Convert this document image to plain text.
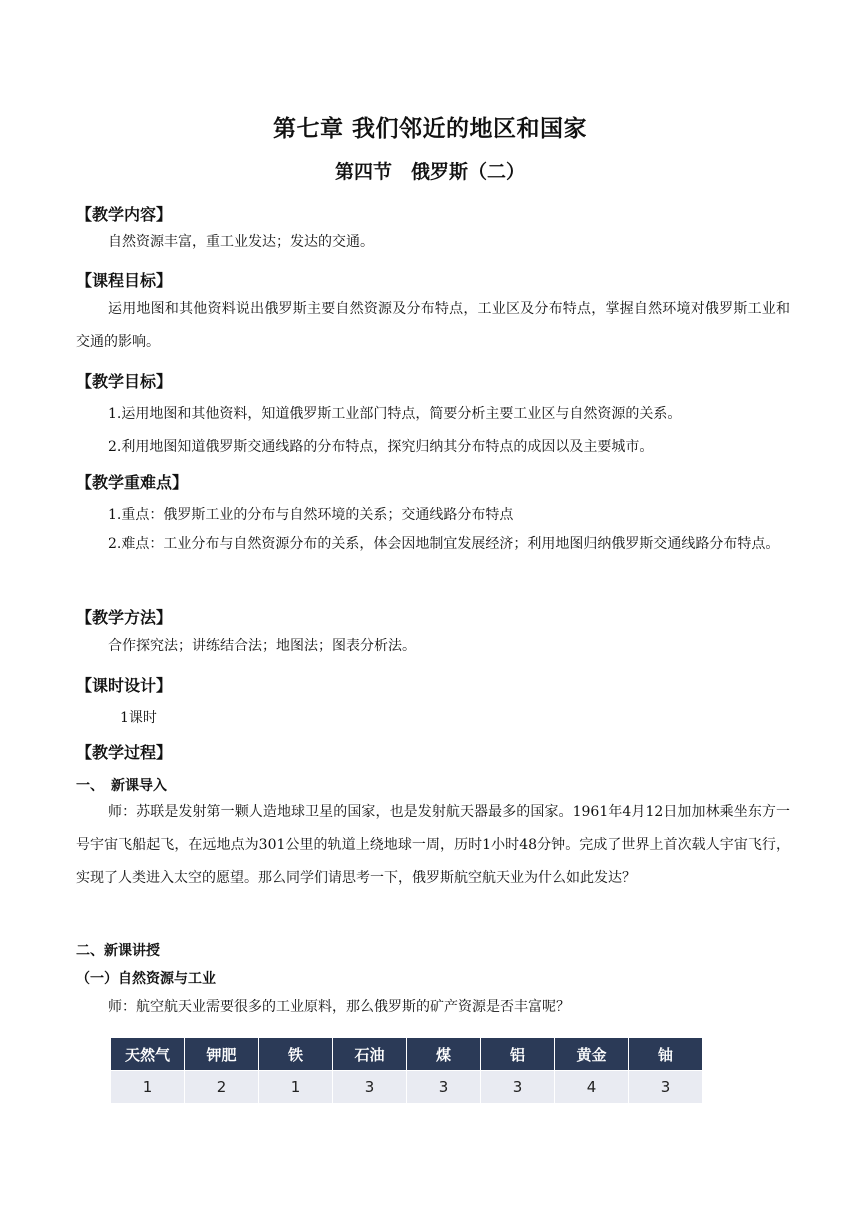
第七章 我们邻近的地区和国家
第四节　俄罗斯（二）
【教学内容】
自然资源丰富，重工业发达；发达的交通。
【课程目标】
运用地图和其他资料说出俄罗斯主要自然资源及分布特点，工业区及分布特点，掌握自然环境对俄罗斯工业和交通的影响。
【教学目标】
1.运用地图和其他资料，知道俄罗斯工业部门特点，简要分析主要工业区与自然资源的关系。
2.利用地图知道俄罗斯交通线路的分布特点，探究归纳其分布特点的成因以及主要城市。
【教学重难点】
1.重点：俄罗斯工业的分布与自然环境的关系；交通线路分布特点
2.难点：工业分布与自然资源分布的关系，体会因地制宜发展经济；利用地图归纳俄罗斯交通线路分布特点。
【教学方法】
合作探究法；讲练结合法；地图法；图表分析法。
【课时设计】
1课时
【教学过程】
一、　新课导入
师：苏联是发射第一颗人造地球卫星的国家，也是发射航天器最多的国家。1961年4月12日加加林乘坐东方一号宇宙飞船起飞，在远地点为301公里的轨道上绕地球一周，历时1小时48分钟。完成了世界上首次载人宇宙飞行，实现了人类进入太空的愿望。那么同学们请思考一下，俄罗斯航空航天业为什么如此发达？
二、新课讲授
（一）自然资源与工业
师：航空航天业需要很多的工业原料，那么俄罗斯的矿产资源是否丰富呢？
天然气	钾肥	铁	石油	煤	铝	黄金	铀
1	2	1	3	3	3	4	3
